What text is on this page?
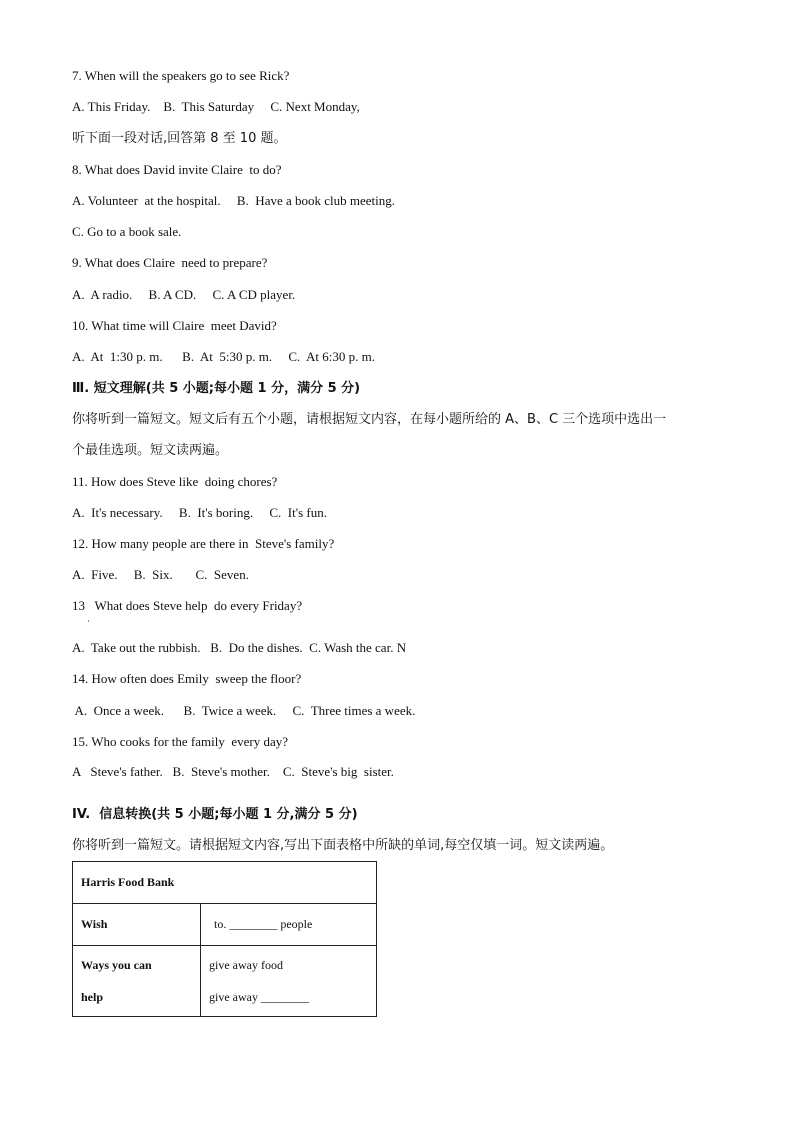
7. When will the speakers go to see Rick?
A. This Friday.    B.  This Saturday     C. Next Monday,
听下面一段对话,回答第 8 至 10 题。
8. What does David invite Claire  to do?
A. Volunteer  at the hospital.     B.  Have a book club meeting.
C. Go to a book sale.
9. What does Claire  need to prepare?
A.  A radio.     B. A CD.     C. A CD player.
10. What time will Claire  meet David?
A.  At  1:30 p. m.      B.  At  5:30 p. m.     C.  At 6:30 p. m.
Ⅲ. 短文理解(共 5 小题;每小题 1 分，满分 5 分)
你将听到一篇短文。短文后有五个小题，请根据短文内容，在每小题所给的 A、B、C 三个选项中选出一
个最佳选项。短文读两遍。
11. How does Steve like  doing chores?
A.  It's necessary.     B.  It's boring.     C.  It's fun.
12. How many people are there in  Steve's family?
A.  Five.     B.  Six.       C.  Seven.
13   What does Steve help  do every Friday?
·
A.  Take out the rubbish.   B.  Do the dishes.  C. Wash the car. N
14. How often does Emily  sweep the floor?
A.  Once a week.      B.  Twice a week.     C.  Three times a week.
15. Who cooks for the family  every day?
A   Steve's father.   B.  Steve's mother.    C.  Steve's big  sister.
IV.  信息转换(共 5 小题;每小题 1 分,满分 5 分)
你将听到一篇短文。请根据短文内容,写出下面表格中所缺的单词,每空仅填一词。短文读两遍。
Harris Food Bank	
Wish	to. ________ people

Ways you can
help	give away food
give away ________
